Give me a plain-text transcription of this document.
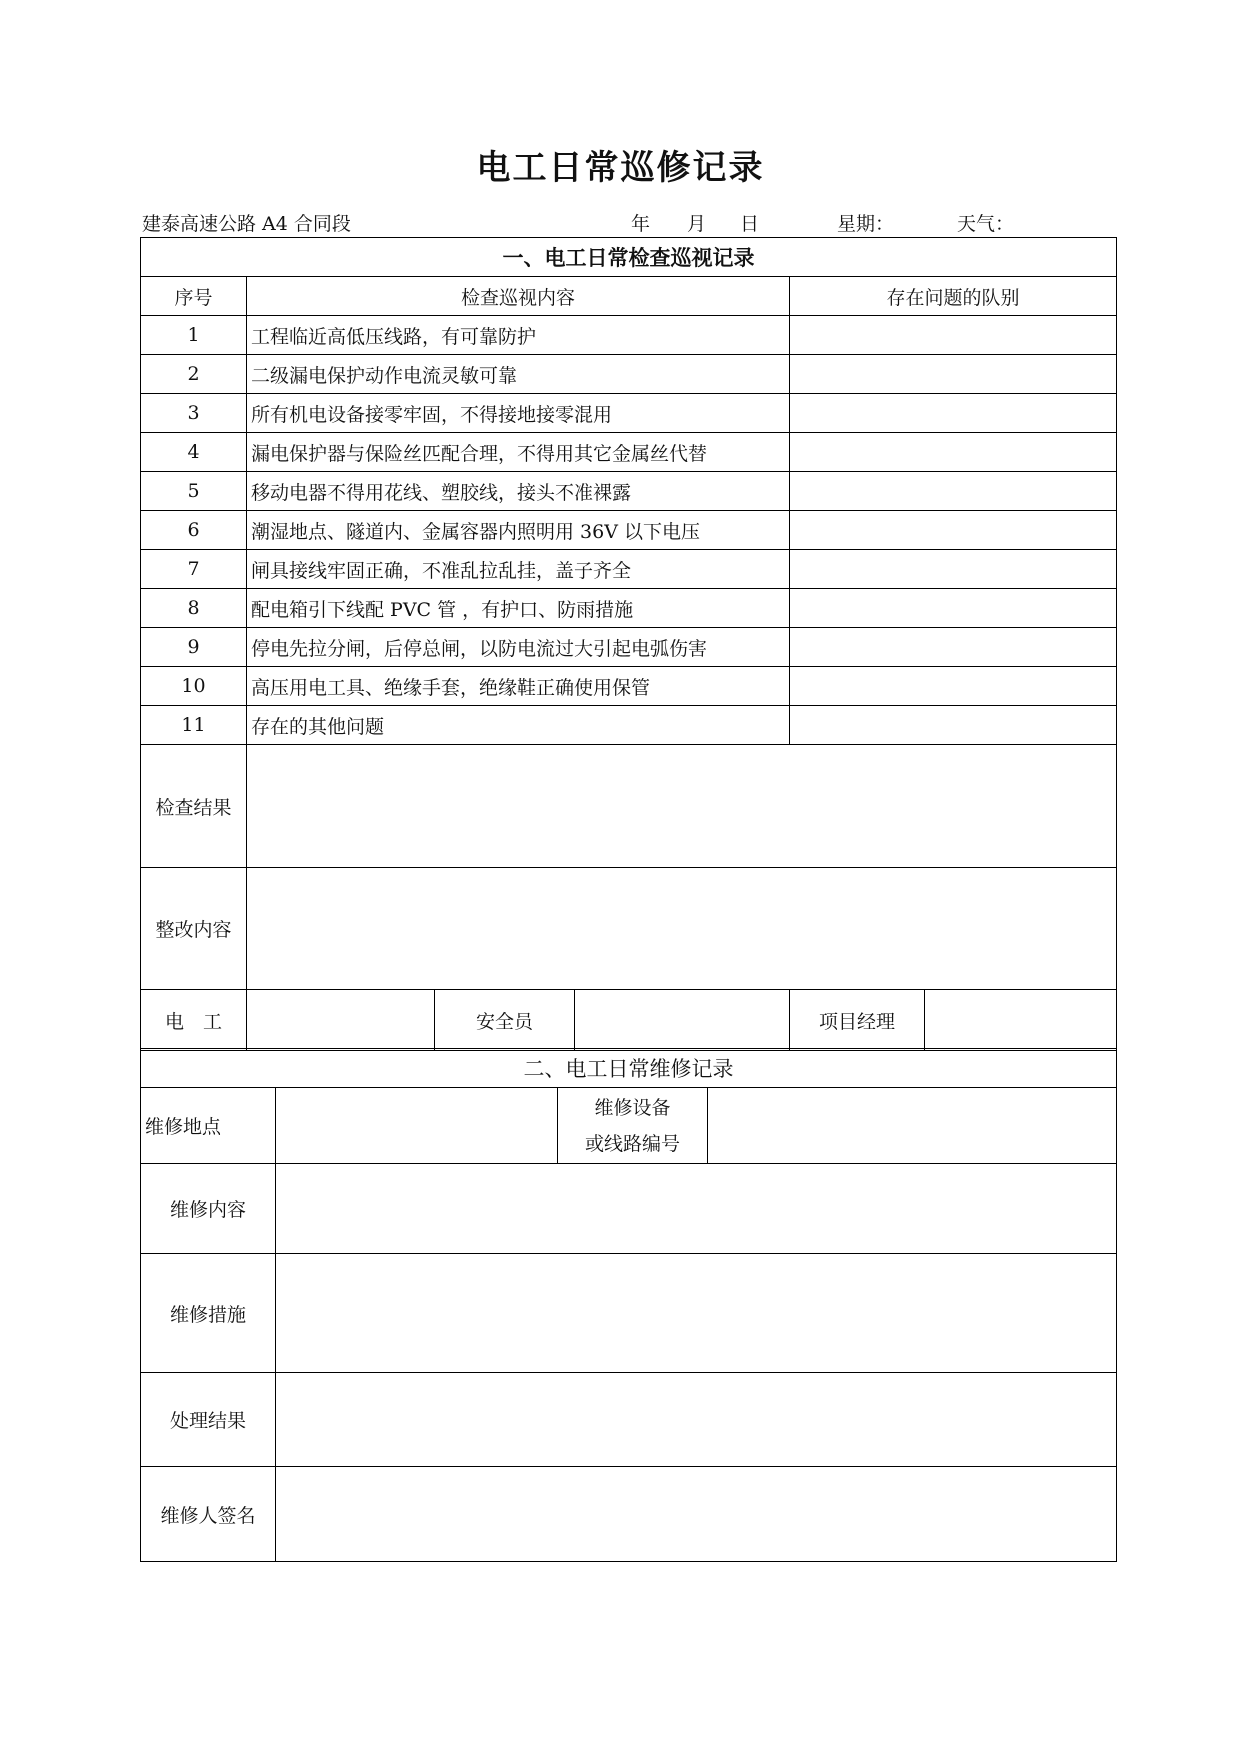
电工日常巡修记录
建泰高速公路 A4 合同段	年 月 日	星期：	天气：
一、电工日常检查巡视记录					
序号	检查巡视内容			存在问题的队别	
1	工程临近高低压线路，有可靠防护				
2	二级漏电保护动作电流灵敏可靠				
3	所有机电设备接零牢固，不得接地接零混用				
4	漏电保护器与保险丝匹配合理，不得用其它金属丝代替				
5	移动电器不得用花线、塑胶线，接头不准裸露				
6	潮湿地点、隧道内、金属容器内照明用 36V 以下电压				
7	闸具接线牢固正确，不准乱拉乱挂，盖子齐全				
8	配电箱引下线配 PVC 管 ，有护口、防雨措施				
9	停电先拉分闸，后停总闸，以防电流过大引起电弧伤害				
10	高压用电工具、绝缘手套，绝缘鞋正确使用保管				
11	存在的其他问题				
检查结果					
整改内容					
电　工		安全员		项目经理	
二、电工日常维修记录			
维修地点		维修设备
或线路编号	
维修内容			
维修措施			
处理结果			
维修人签名			
